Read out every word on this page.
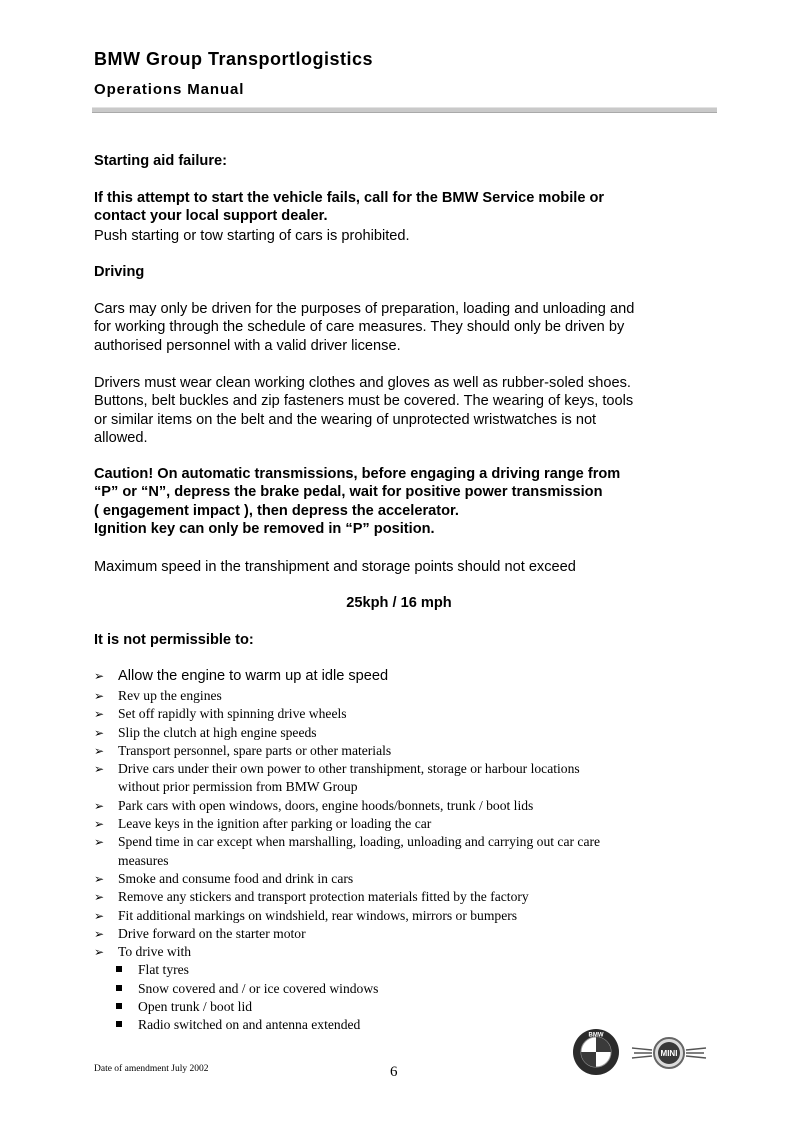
BMW Group Transportlogistics
Operations Manual
Starting aid failure:
If this attempt to start the vehicle fails, call for the BMW Service mobile or
contact your local support dealer.
Push starting or tow starting of cars is prohibited.
Driving
Cars may only be driven for the purposes of preparation, loading and unloading and
for working through the schedule of care measures. They should only be driven by
authorised personnel with a valid driver license.
Drivers must wear clean working clothes and gloves as well as rubber-soled shoes.
Buttons, belt buckles and zip fasteners must be covered. The wearing of keys, tools
or similar items on the belt and the wearing of unprotected wristwatches is not
allowed.
Caution! On automatic transmissions, before engaging a driving range from
“P” or “N”, depress the brake pedal, wait for positive power transmission
( engagement impact ), then depress the accelerator.
Ignition key can only be removed in “P” position.
Maximum speed in the transhipment and storage points should not exceed
25kph / 16 mph
It is not permissible to:
➢ Allow the engine to warm up at idle speed
➢ Rev up the engines
➢ Set off rapidly with spinning drive wheels
➢ Slip the clutch at high engine speeds
➢ Transport personnel, spare parts or other materials
➢ Drive cars under their own power to other transhipment, storage or harbour locations
without prior permission from BMW Group
➢ Park cars with open windows, doors, engine hoods/bonnets, trunk / boot lids
➢ Leave keys in the ignition after parking or loading the car
➢ Spend time in car except when marshalling, loading, unloading and carrying out car care
measures
➢ Smoke and consume food and drink in cars
➢ Remove any stickers and transport protection materials fitted by the factory
➢ Fit additional markings on windshield, rear windows, mirrors or bumpers
➢ Drive forward on the starter motor
➢ To drive with
Flat tyres
Snow covered and / or ice covered windows
Open trunk / boot lid
Radio switched on and antenna extended
Date of amendment July 2002	6
BMW
MINI
